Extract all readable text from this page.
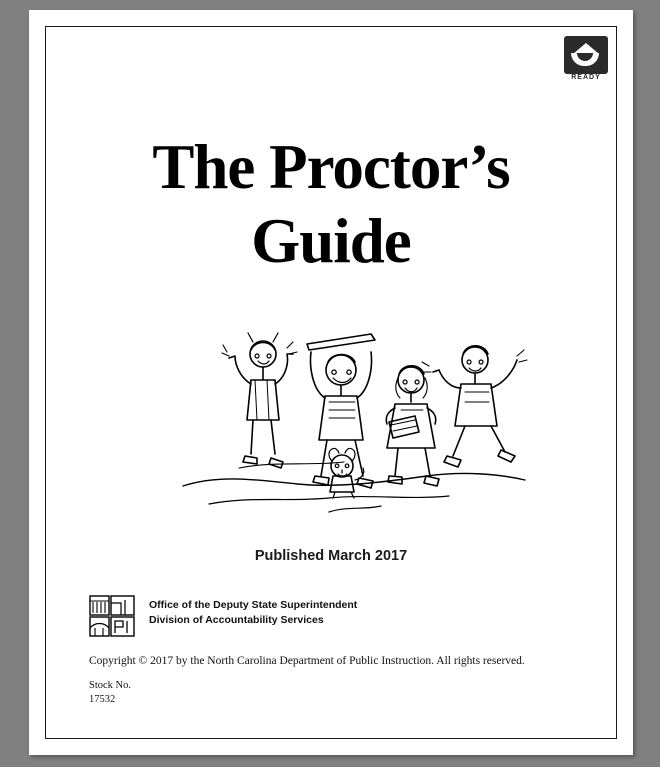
READY
The Proctor’s
Guide
Published March 2017
Office of the Deputy State Superintendent
Division of Accountability Services
Copyright © 2017 by the North Carolina Department of Public Instruction. All rights reserved.
Stock No.
17532
